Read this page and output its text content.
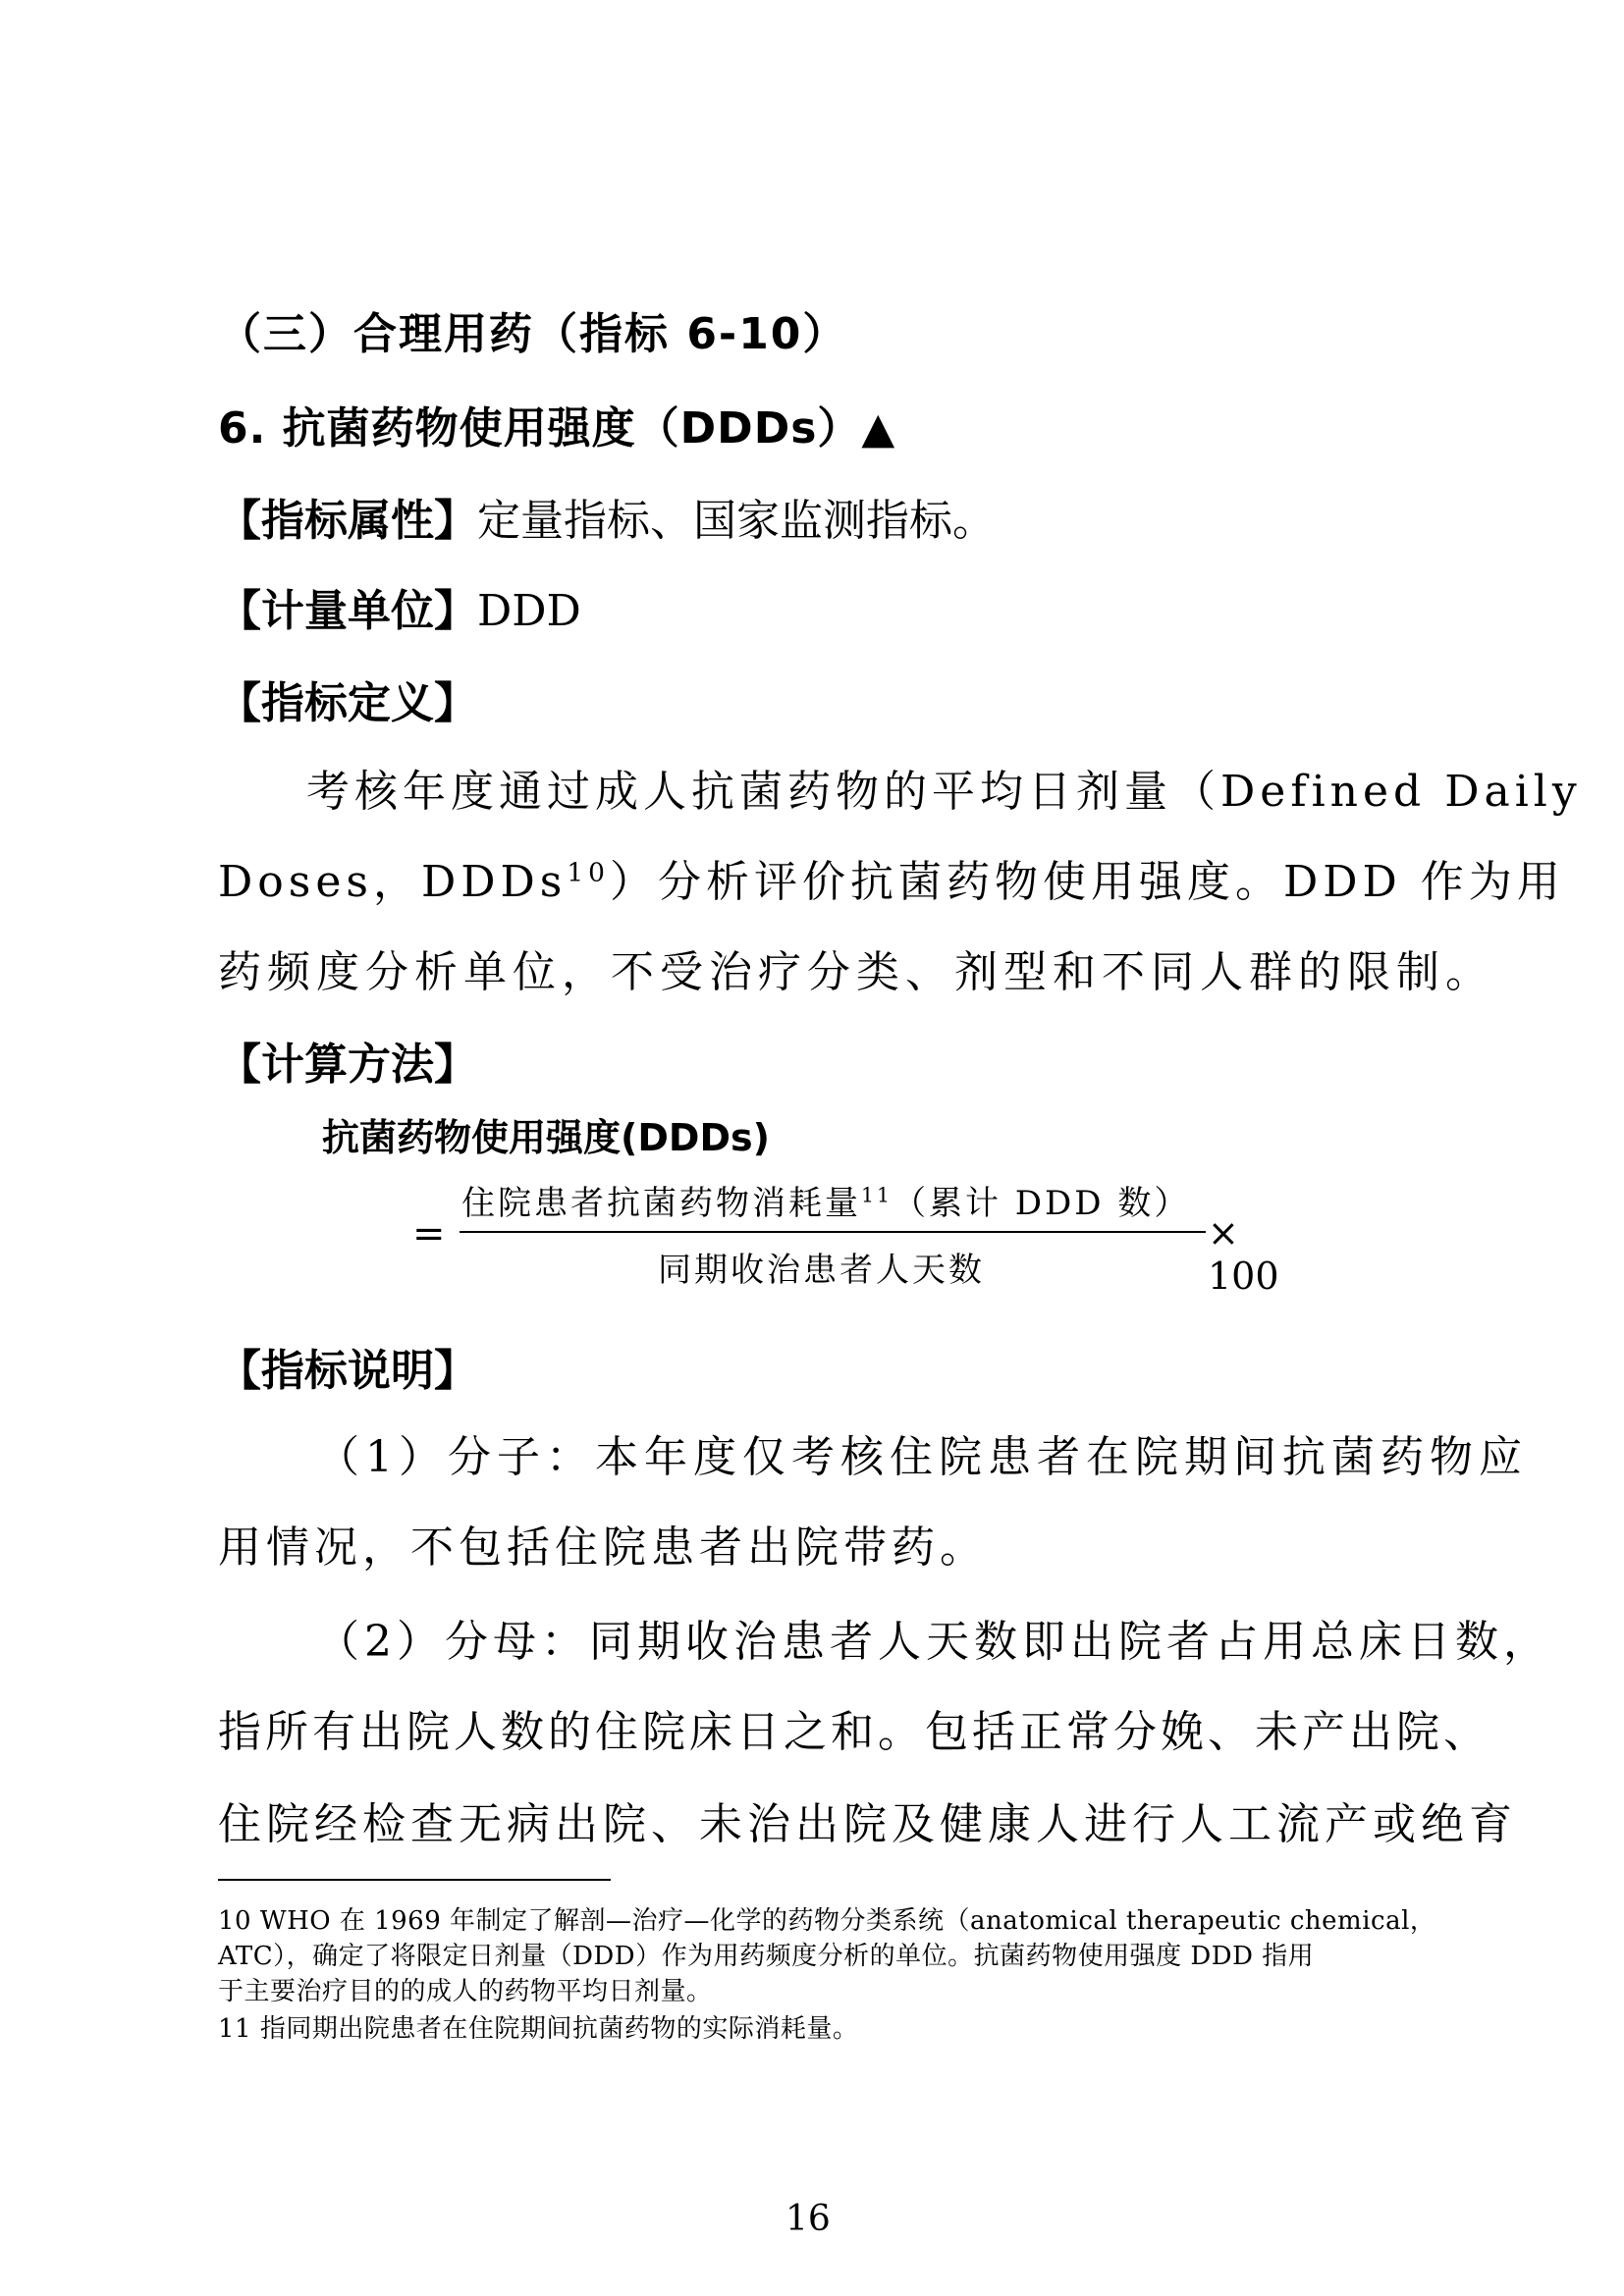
（三）合理用药（指标 6-10）
6. 抗菌药物使用强度（DDDs）▲
【指标属性】定量指标、国家监测指标。
【计量单位】DDD
【指标定义】
考核年度通过成人抗菌药物的平均日剂量（Defined Daily
Doses，DDDs$^{10}$）分析评价抗菌药物使用强度。DDD 作为用
药频度分析单位，不受治疗分类、剂型和不同人群的限制。
【计算方法】
抗菌药物使用强度(DDDs)
=
住院患者抗菌药物消耗量$^{11}$（累计 DDD 数）
同期收治患者人天数
× 100
【指标说明】
（1）分子：本年度仅考核住院患者在院期间抗菌药物应
用情况，不包括住院患者出院带药。
（2）分母：同期收治患者人天数即出院者占用总床日数，
指所有出院人数的住院床日之和。包括正常分娩、未产出院、
住院经检查无病出院、未治出院及健康人进行人工流产或绝育
10 WHO 在 1969 年制定了解剖—治疗—化学的药物分类系统（anatomical therapeutic chemical，
ATC），确定了将限定日剂量（DDD）作为用药频度分析的单位。抗菌药物使用强度 DDD 指用
于主要治疗目的的成人的药物平均日剂量。
11 指同期出院患者在住院期间抗菌药物的实际消耗量。
16
